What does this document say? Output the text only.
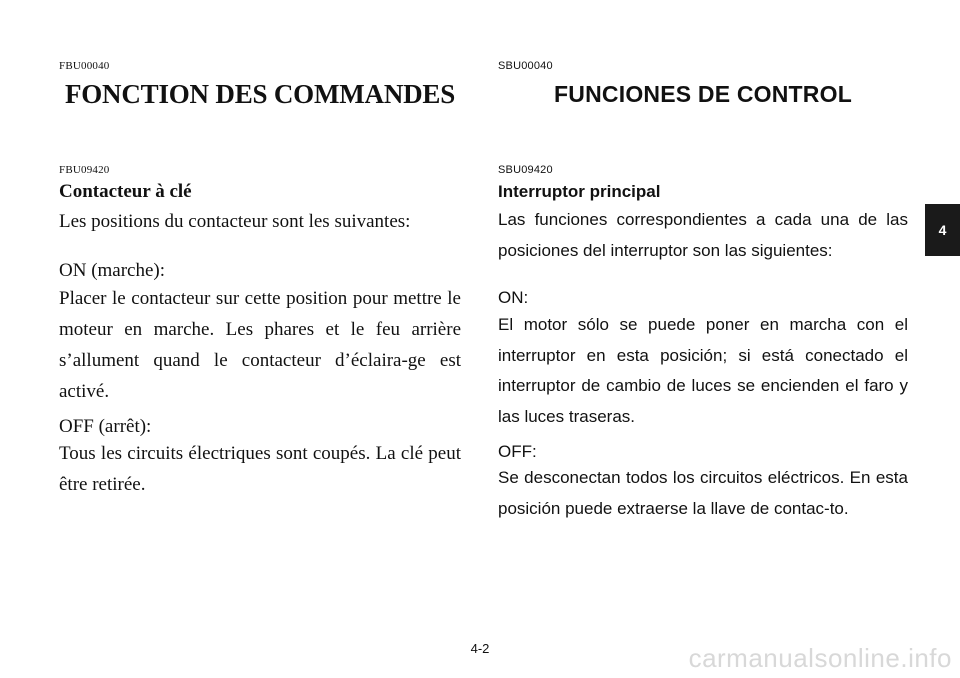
FBU00040
FONCTION DES COMMANDES
FBU09420
Contacteur à clé
Les positions du contacteur sont les suivantes:
ON (marche):
Placer le contacteur sur cette position pour mettre le moteur en marche. Les phares et le feu arrière s’allument quand le contacteur d’éclaira-ge est activé.
OFF (arrêt):
Tous les circuits électriques sont coupés. La clé peut être retirée.
SBU00040
FUNCIONES DE CONTROL
SBU09420
Interruptor principal
Las funciones correspondientes a cada una de las posiciones del interruptor son las siguientes:
ON:
El motor sólo se puede poner en marcha con el interruptor en esta posición; si está conectado el interruptor de cambio de luces se encienden el faro y las luces traseras.
OFF:
Se desconectan todos los circuitos eléctricos. En esta posición puede extraerse la llave de contac-to.
4
4-2	carmanualsonline.info
